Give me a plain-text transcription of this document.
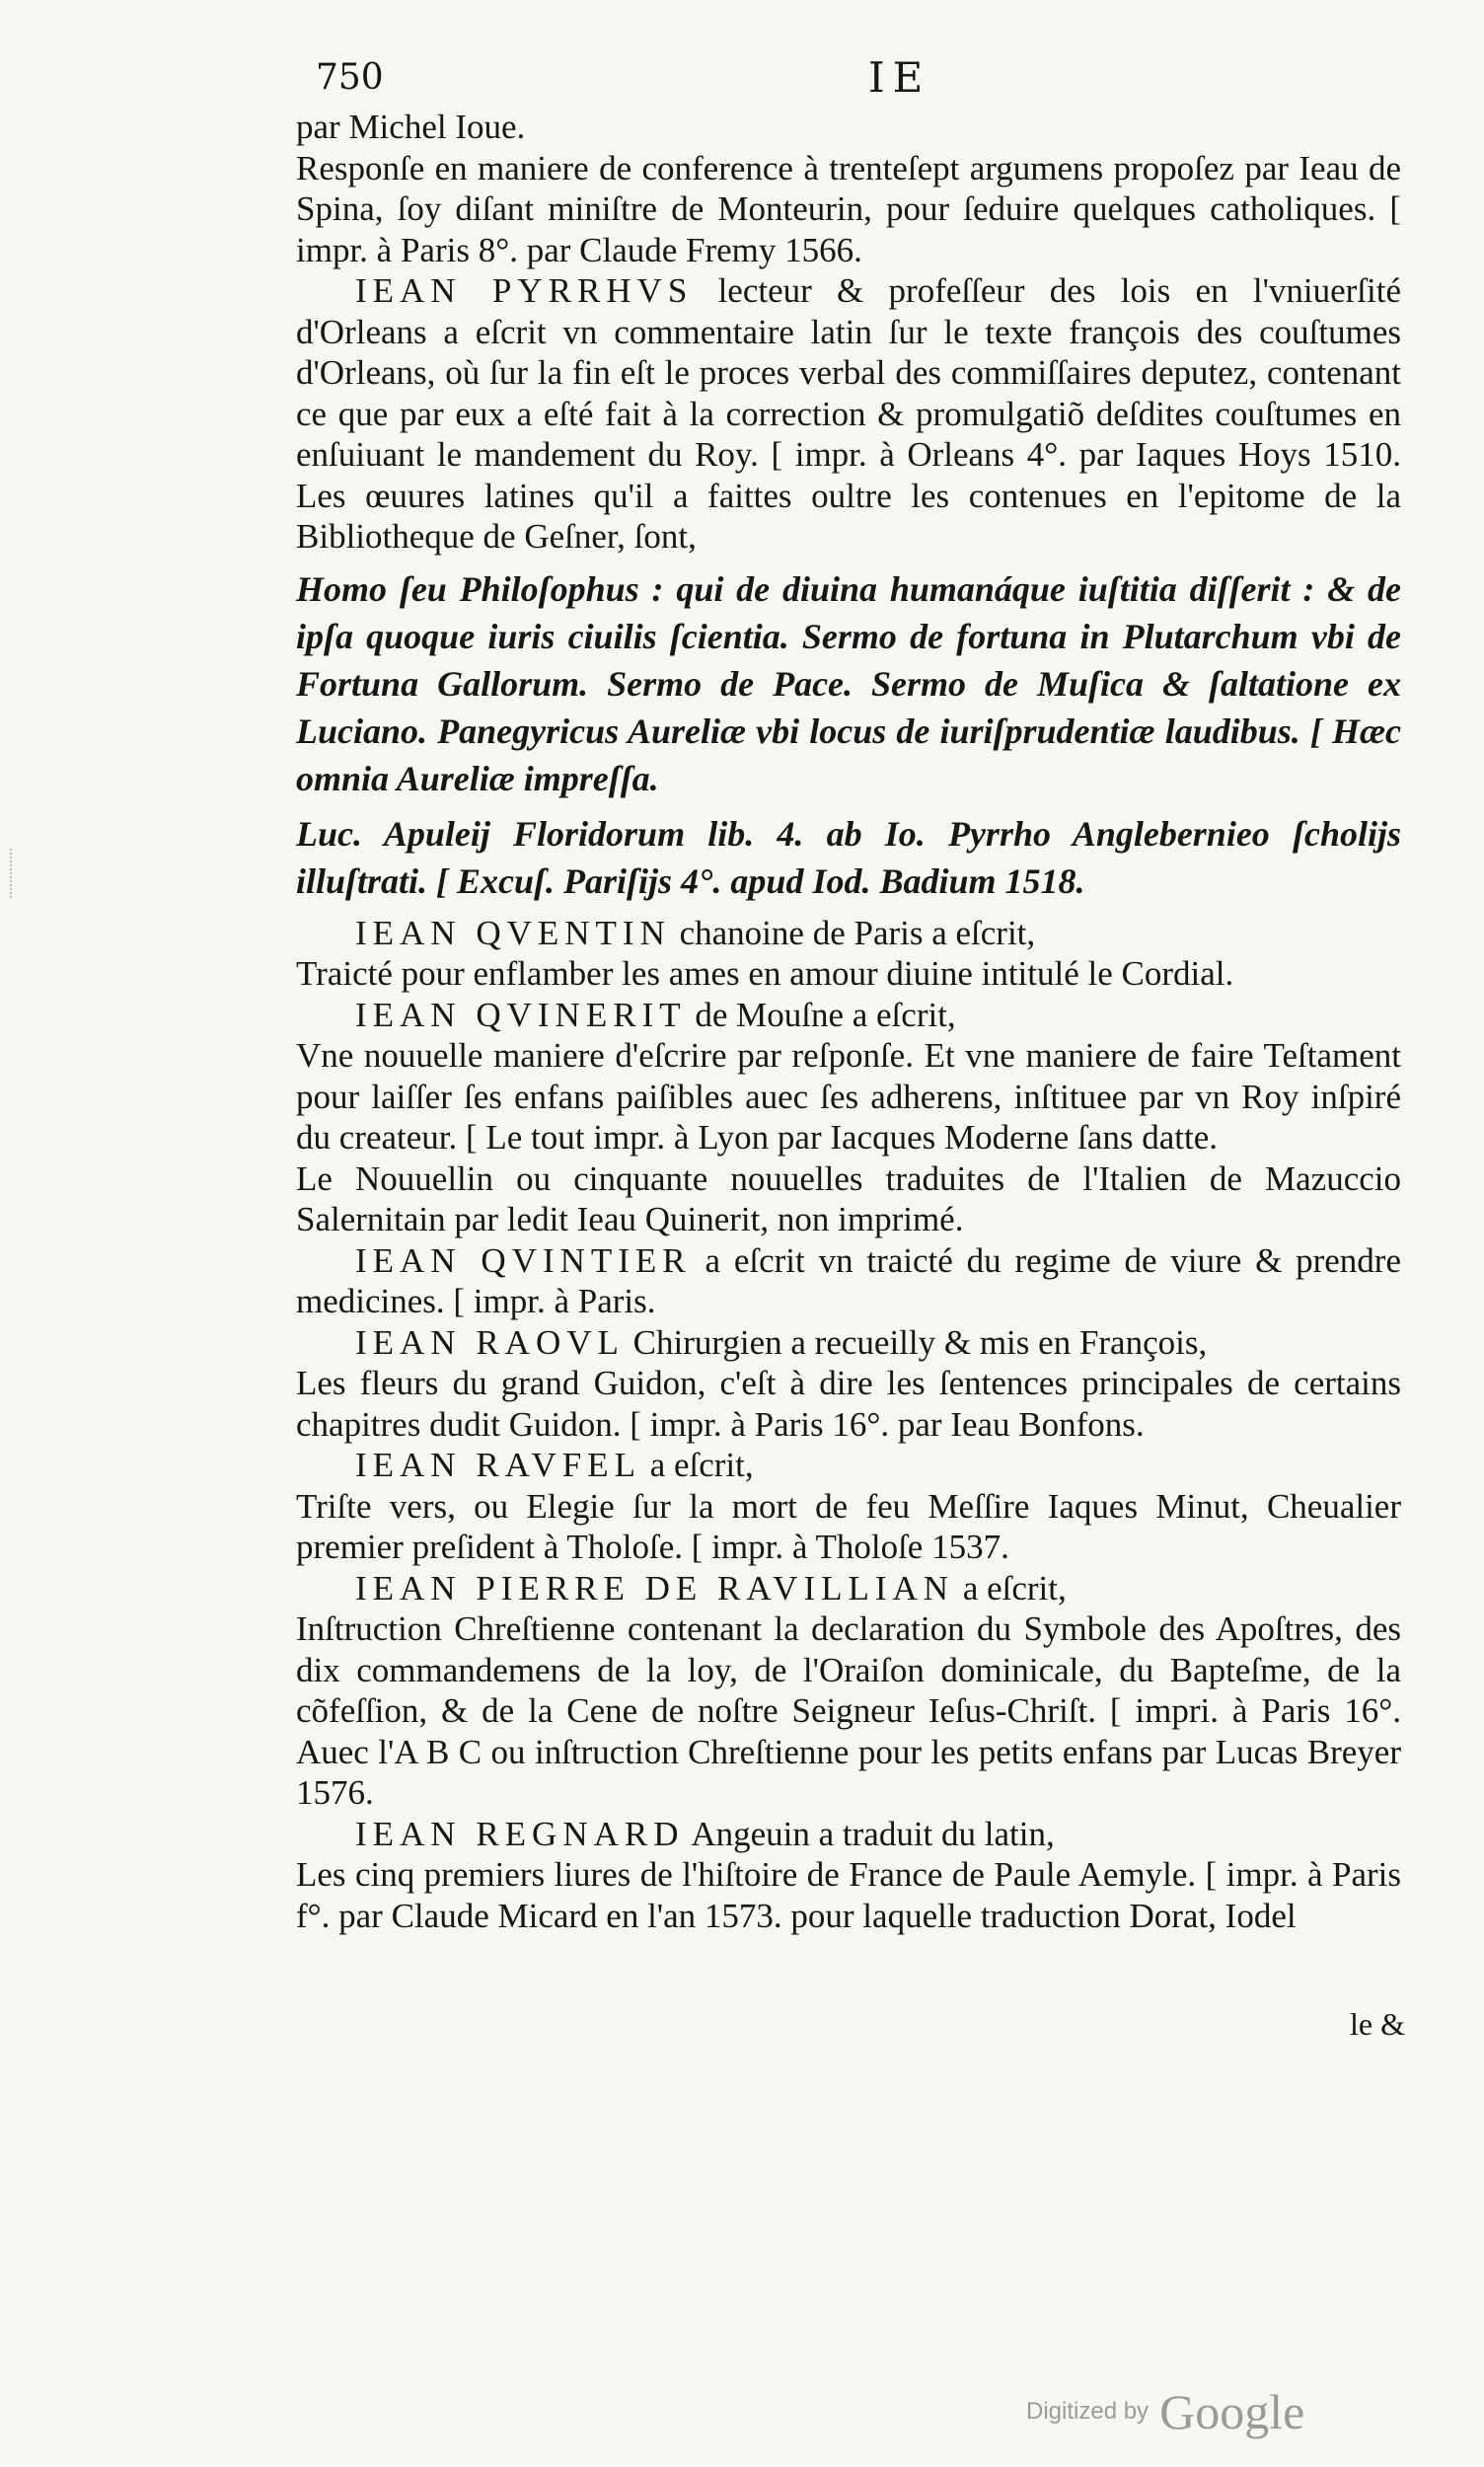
750	IE

par Michel Ioue.

Responſe en maniere de conference à trenteſept argumens propoſez par Ieau de Spina, ſoy diſant miniſtre de Monteurin, pour ſeduire quelques catholiques. [ impr. à Paris 8°. par Claude Fremy 1566.

IEAN PYRRHVS lecteur & profeſſeur des lois en l'vniuerſité d'Orleans a eſcrit vn commentaire latin ſur le texte françois des couſtumes d'Orleans, où ſur la fin eſt le proces verbal des commiſſaires deputez, contenant ce que par eux a eſté fait à la correction & promulgatiõ deſdites couſtumes en enſuiuant le mandement du Roy. [ impr. à Orleans 4°. par Iaques Hoys 1510. Les œuures latines qu'il a faittes oultre les contenues en l'epitome de la Bibliotheque de Geſner, ſont,

Homo ſeu Philoſophus : qui de diuina humanáque iuſtitia diſſerit : & de ipſa quoque iuris ciuilis ſcientia. Sermo de fortuna in Plutarchum vbi de Fortuna Gallorum. Sermo de Pace. Sermo de Muſica & ſaltatione ex Luciano. Panegyricus Aureliæ vbi locus de iuriſprudentiæ laudibus. [ Hæc omnia Aureliæ impreſſa.

Luc. Apuleij Floridorum lib. 4. ab Io. Pyrrho Anglebernieo ſcholijs illuſtrati. [ Excuſ. Pariſijs 4°. apud Iod. Badium 1518.

IEAN QVENTIN chanoine de Paris a eſcrit,

Traicté pour enflamber les ames en amour diuine intitulé le Cordial.

IEAN QVINERIT de Mouſne a eſcrit,

Vne nouuelle maniere d'eſcrire par reſponſe. Et vne maniere de faire Teſtament pour laiſſer ſes enfans paiſibles auec ſes adherens, inſtituee par vn Roy inſpiré du createur. [ Le tout impr. à Lyon par Iacques Moderne ſans datte.

Le Nouuellin ou cinquante nouuelles traduites de l'Italien de Mazuccio Salernitain par ledit Ieau Quinerit, non imprimé.

IEAN QVINTIER a eſcrit vn traicté du regime de viure & prendre medicines. [ impr. à Paris.

IEAN RAOVL Chirurgien a recueilly & mis en François,

Les fleurs du grand Guidon, c'eſt à dire les ſentences principales de certains chapitres dudit Guidon. [ impr. à Paris 16°. par Ieau Bonfons.

IEAN RAVFEL a eſcrit,

Triſte vers, ou Elegie ſur la mort de feu Meſſire Iaques Minut, Cheualier premier preſident à Tholoſe. [ impr. à Tholoſe 1537.

IEAN PIERRE DE RAVILLIAN a eſcrit,

Inſtruction Chreſtienne contenant la declaration du Symbole des Apoſtres, des dix commandemens de la loy, de l'Oraiſon dominicale, du Bapteſme, de la cõfeſſion, & de la Cene de noſtre Seigneur Ieſus-Chriſt. [ impri. à Paris 16°. Auec l'A B C ou inſtruction Chreſtienne pour les petits enfans par Lucas Breyer 1576.

IEAN REGNARD Angeuin a traduit du latin,

Les cinq premiers liures de l'hiſtoire de France de Paule Aemyle. [ impr. à Paris f°. par Claude Micard en l'an 1573. pour laquelle traduction Dorat, Iodel

le &
Digitized by Google
